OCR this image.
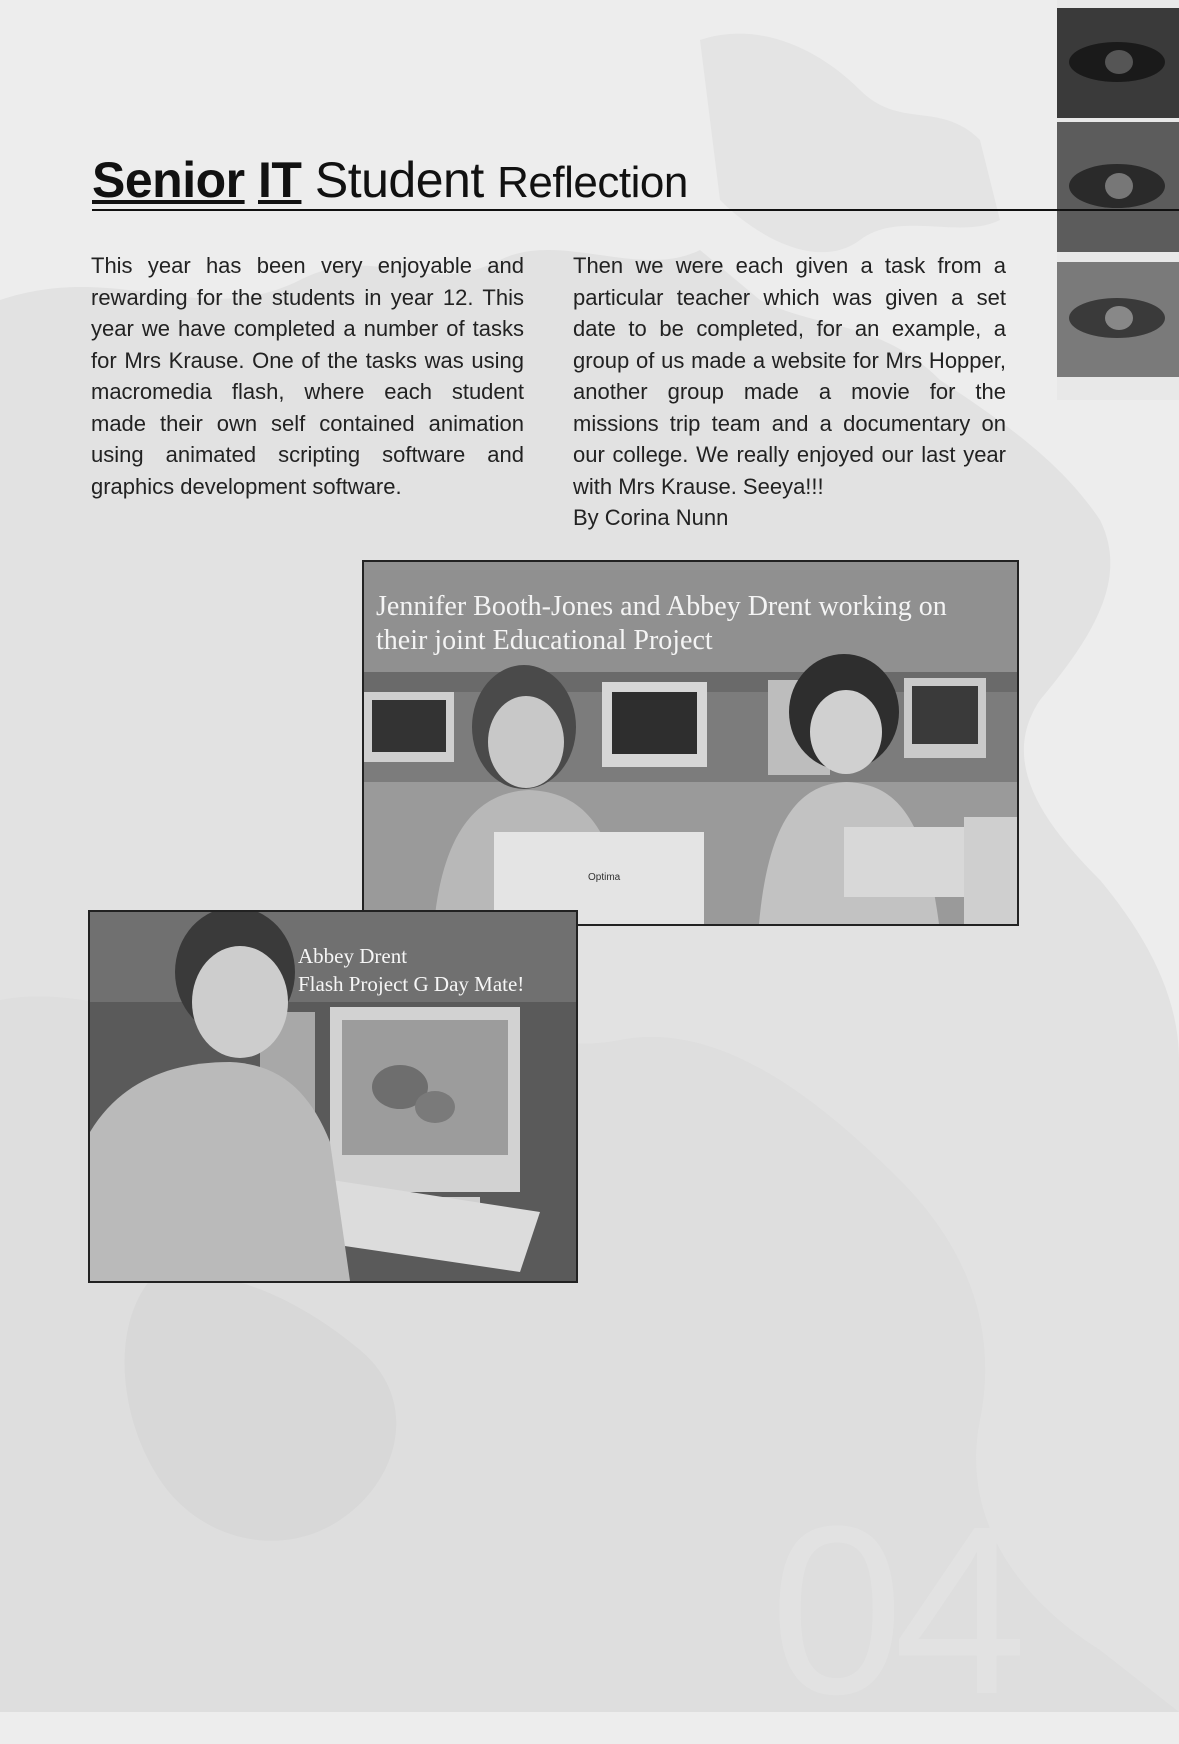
Senior IT Student Reflection

This year has been very enjoyable and rewarding for the students in year 12. This year we have completed a number of tasks for Mrs Krause. One of the tasks was using macromedia flash, where each student made their own self contained animation using animated scripting software and graphics development software.

Then we were each given a task from a particular teacher which was given a set date to be completed, for an example, a group of us made a website for Mrs Hopper, another group made a movie for the missions trip team and a documentary on our college. We really enjoyed our last year with Mrs Krause. Seeya!!!

By Corina Nunn

Jennifer Booth-Jones and Abbey Drent working on
their joint Educational Project
Optima
Abbey Drent
Flash Project G Day Mate!
04
